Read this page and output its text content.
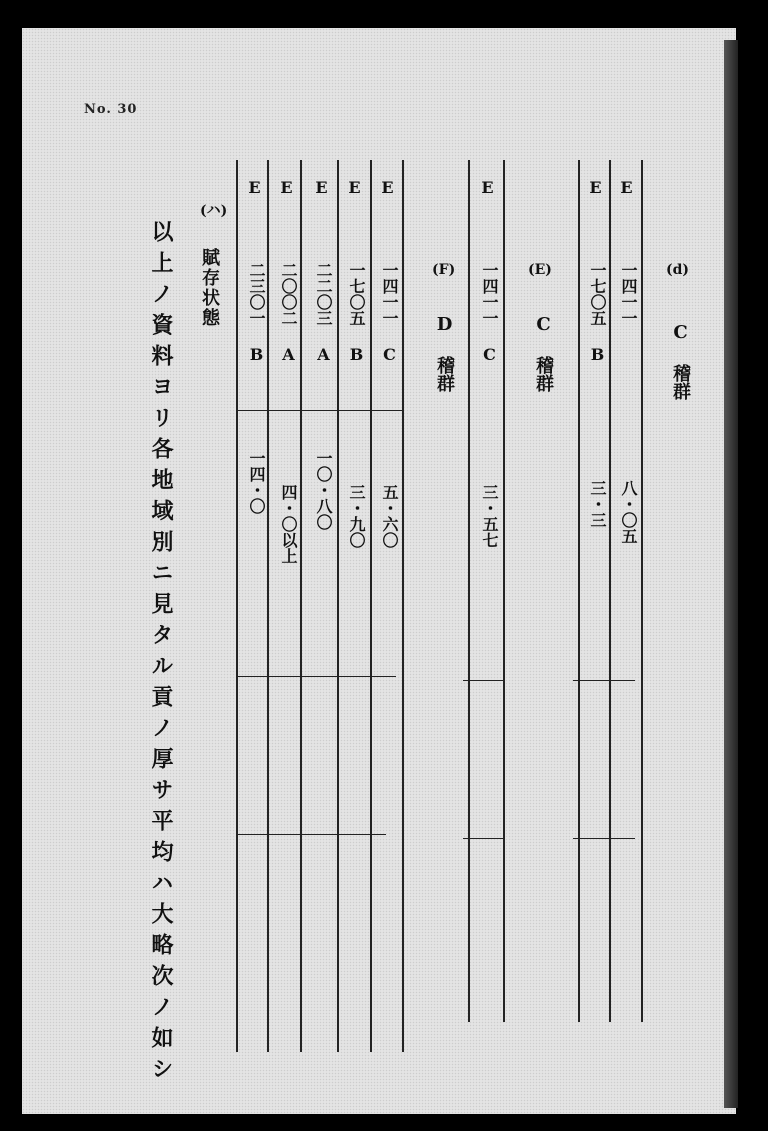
No. 30
(d)
C 稽群
(E)
C 稽群
(F)
D 稽群
(ハ)
賦存状態
以上ノ資料ヨリ各地域別ニ見タル貢ノ厚サ平均ハ大略次ノ如シ
E
一四一一
八・〇五
E
一七〇五 B
三・三
E
一四一一 C
三・五七
E
一四一一 C
五・六〇
E
一七〇五 B
三・九〇
E
二二〇三 A
一〇・八〇
E
二〇〇二 A
四・〇以上
E
二三〇一 B
一四・〇
